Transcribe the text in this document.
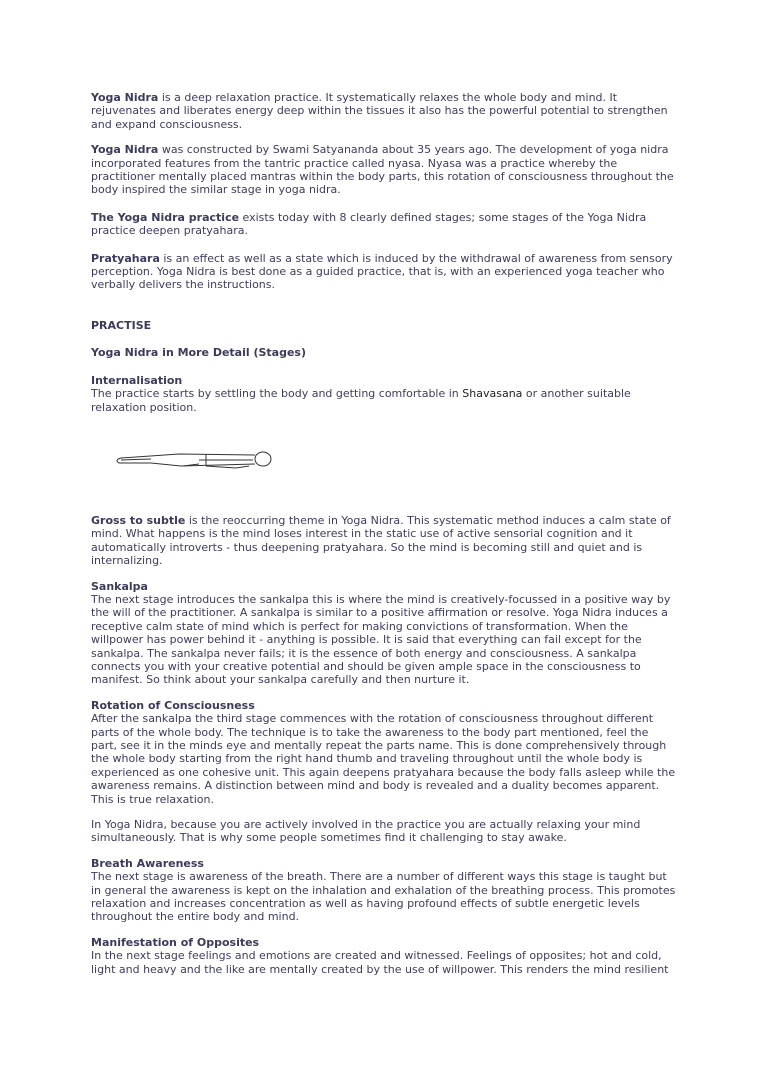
Yoga Nidra is a deep relaxation practice. It systematically relaxes the whole body and mind. It rejuvenates and liberates energy deep within the tissues it also has the powerful potential to strengthen and expand consciousness.

Yoga Nidra was constructed by Swami Satyananda about 35 years ago. The development of yoga nidra incorporated features from the tantric practice called nyasa. Nyasa was a practice whereby the practitioner mentally placed mantras within the body parts, this rotation of consciousness throughout the body inspired the similar stage in yoga nidra.

The Yoga Nidra practice exists today with 8 clearly defined stages; some stages of the Yoga Nidra practice deepen pratyahara.

Pratyahara is an effect as well as a state which is induced by the withdrawal of awareness from sensory perception. Yoga Nidra is best done as a guided practice, that is, with an experienced yoga teacher who verbally delivers the instructions.

PRACTISE

Yoga Nidra in More Detail (Stages)

Internalisation

The practice starts by settling the body and getting comfortable in Shavasana or another suitable relaxation position.

Gross to subtle is the reoccurring theme in Yoga Nidra. This systematic method induces a calm state of mind. What happens is the mind loses interest in the static use of active sensorial cognition and it automatically introverts - thus deepening pratyahara. So the mind is becoming still and quiet and is internalizing.

Sankalpa

The next stage introduces the sankalpa this is where the mind is creatively-focussed in a positive way by the will of the practitioner. A sankalpa is similar to a positive affirmation or resolve. Yoga Nidra induces a receptive calm state of mind which is perfect for making convictions of transformation. When the willpower has power behind it - anything is possible. It is said that everything can fail except for the sankalpa. The sankalpa never fails; it is the essence of both energy and consciousness. A sankalpa connects you with your creative potential and should be given ample space in the consciousness to manifest. So think about your sankalpa carefully and then nurture it.

Rotation of Consciousness

After the sankalpa the third stage commences with the rotation of consciousness throughout different parts of the whole body. The technique is to take the awareness to the body part mentioned, feel the part, see it in the minds eye and mentally repeat the parts name. This is done comprehensively through the whole body starting from the right hand thumb and traveling throughout until the whole body is experienced as one cohesive unit. This again deepens pratyahara because the body falls asleep while the awareness remains. A distinction between mind and body is revealed and a duality becomes apparent. This is true relaxation.

In Yoga Nidra, because you are actively involved in the practice you are actually relaxing your mind simultaneously. That is why some people sometimes find it challenging to stay awake.

Breath Awareness

The next stage is awareness of the breath. There are a number of different ways this stage is taught but in general the awareness is kept on the inhalation and exhalation of the breathing process. This promotes relaxation and increases concentration as well as having profound effects of subtle energetic levels throughout the entire body and mind.

Manifestation of Opposites

In the next stage feelings and emotions are created and witnessed. Feelings of opposites; hot and cold, light and heavy and the like are mentally created by the use of willpower. This renders the mind resilient
